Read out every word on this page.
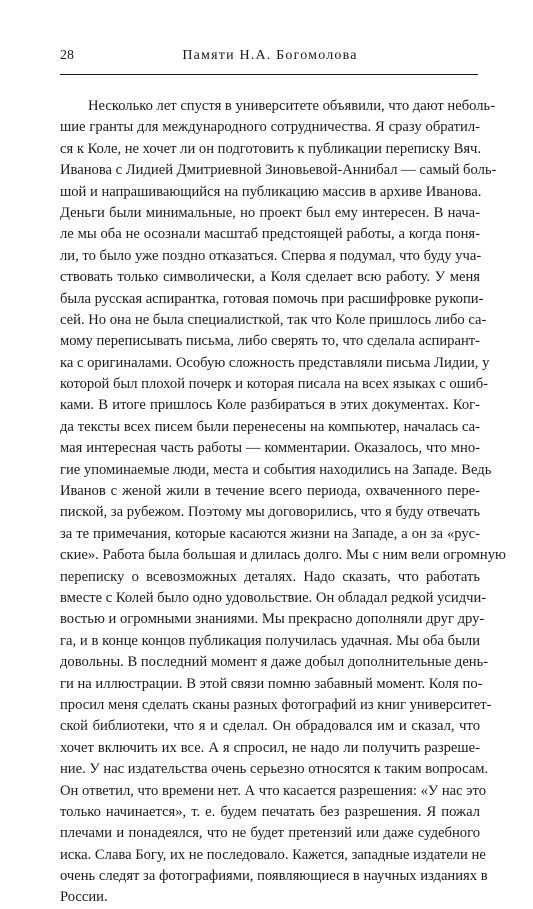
28	Памяти Н.А. Богомолова
Несколько лет спустя в университете объявили, что дают неболь-
шие гранты для международного сотрудничества. Я сразу обратил-
ся к Коле, не хочет ли он подготовить к публикации переписку Вяч.
Иванова с Лидией Дмитриевной Зиновьевой-Аннибал — самый боль-
шой и напрашивающийся на публикацию массив в архиве Иванова.
Деньги были минимальные, но проект был ему интересен. В нача-
ле мы оба не осознали масштаб предстоящей работы, а когда поня-
ли, то было уже поздно отказаться. Сперва я подумал, что буду уча-
ствовать только символически, а Коля сделает всю работу. У меня
была русская аспирантка, готовая помочь при расшифровке рукопи-
сей. Но она не была специалисткой, так что Коле пришлось либо са-
мому переписывать письма, либо сверять то, что сделала аспирант-
ка с оригиналами. Особую сложность представляли письма Лидии, у
которой был плохой почерк и которая писала на всех языках с ошиб-
ками. В итоге пришлось Коле разбираться в этих документах. Ког-
да тексты всех писем были перенесены на компьютер, началась са-
мая интересная часть работы — комментарии. Оказалось, что мно-
гие упоминаемые люди, места и события находились на Западе. Ведь
Иванов с женой жили в течение всего периода, охваченного пере-
пиской, за рубежом. Поэтому мы договорились, что я буду отвечать
за те примечания, которые касаются жизни на Западе, а он за «рус-
ские». Работа была большая и длилась долго. Мы с ним вели огромную
переписку о всевозможных деталях. Надо сказать, что работать
вместе с Колей было одно удовольствие. Он обладал редкой усидчи-
востью и огромными знаниями. Мы прекрасно дополняли друг дру-
га, и в конце концов публикация получилась удачная. Мы оба были
довольны. В последний момент я даже добыл дополнительные день-
ги на иллюстрации. В этой связи помню забавный момент. Коля по-
просил меня сделать сканы разных фотографий из книг университет-
ской библиотеки, что я и сделал. Он обрадовался им и сказал, что
хочет включить их все. А я спросил, не надо ли получить разреше-
ние. У нас издательства очень серьезно относятся к таким вопросам.
Он ответил, что времени нет. А что касается разрешения: «У нас это
только начинается», т. е. будем печатать без разрешения. Я пожал
плечами и понадеялся, что не будет претензий или даже судебного
иска. Слава Богу, их не последовало. Кажется, западные издатели не
очень следят за фотографиями, появляющиеся в научных изданиях в
России.
